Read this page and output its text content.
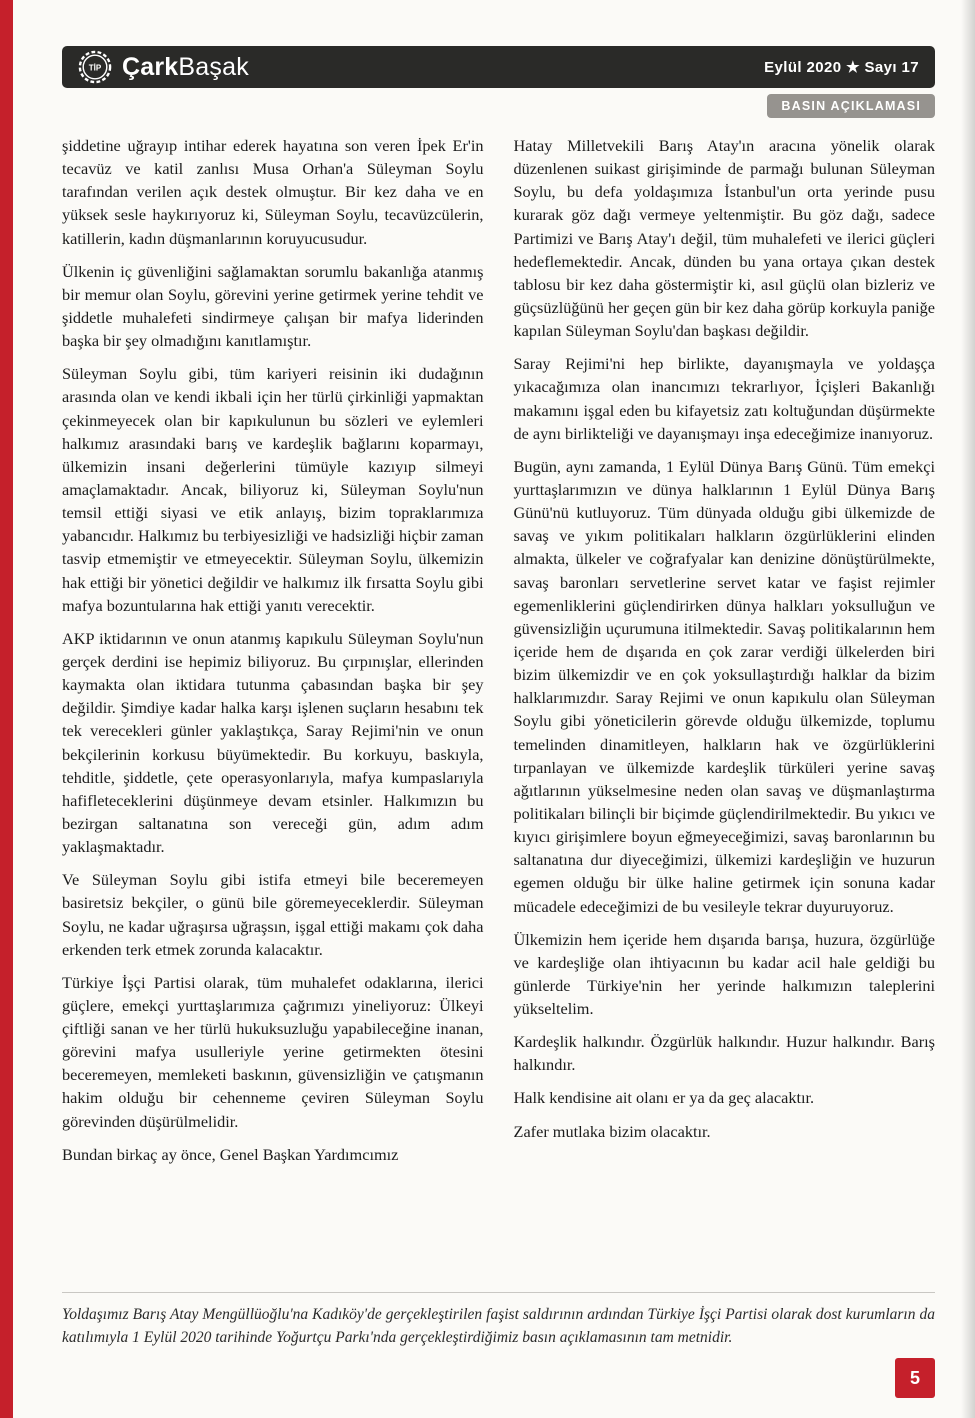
TİP ÇarkBaşak	Eylül 2020 ★ Sayı 17
BASIN AÇIKLAMASI

şiddetine uğrayıp intihar ederek hayatına son veren İpek Er'in tecavüz ve katil zanlısı Musa Orhan'a Süleyman Soylu tarafından verilen açık destek olmuştur. Bir kez daha ve en yüksek sesle haykırıyoruz ki, Süleyman Soylu, tecavüzcülerin, katillerin, kadın düşmanlarının koruyucusudur.

Ülkenin iç güvenliğini sağlamaktan sorumlu bakanlığa atanmış bir memur olan Soylu, görevini yerine getirmek yerine tehdit ve şiddetle muhalefeti sindirmeye çalışan bir mafya liderinden başka bir şey olmadığını kanıtlamıştır.

Süleyman Soylu gibi, tüm kariyeri reisinin iki dudağının arasında olan ve kendi ikbali için her türlü çirkinliği yapmaktan çekinmeyecek olan bir kapıkulunun bu sözleri ve eylemleri halkımız arasındaki barış ve kardeşlik bağlarını koparmayı, ülkemizin insani değerlerini tümüyle kazıyıp silmeyi amaçlamaktadır. Ancak, biliyoruz ki, Süleyman Soylu'nun temsil ettiği siyasi ve etik anlayış, bizim topraklarımıza yabancıdır. Halkımız bu terbiyesizliği ve hadsizliği hiçbir zaman tasvip etmemiştir ve etmeyecektir. Süleyman Soylu, ülkemizin hak ettiği bir yönetici değildir ve halkımız ilk fırsatta Soylu gibi mafya bozuntularına hak ettiği yanıtı verecektir.

AKP iktidarının ve onun atanmış kapıkulu Süleyman Soylu'nun gerçek derdini ise hepimiz biliyoruz. Bu çırpınışlar, ellerinden kaymakta olan iktidara tutunma çabasından başka bir şey değildir. Şimdiye kadar halka karşı işlenen suçların hesabını tek tek verecekleri günler yaklaştıkça, Saray Rejimi'nin ve onun bekçilerinin korkusu büyümektedir. Bu korkuyu, baskıyla, tehditle, şiddetle, çete operasyonlarıyla, mafya kumpaslarıyla hafifleteceklerini düşünmeye devam etsinler. Halkımızın bu bezirgan saltanatına son vereceği gün, adım adım yaklaşmaktadır.

Ve Süleyman Soylu gibi istifa etmeyi bile beceremeyen basiretsiz bekçiler, o günü bile göremeyeceklerdir. Süleyman Soylu, ne kadar uğraşırsa uğraşsın, işgal ettiği makamı çok daha erkenden terk etmek zorunda kalacaktır.

Türkiye İşçi Partisi olarak, tüm muhalefet odaklarına, ilerici güçlere, emekçi yurttaşlarımıza çağrımızı yineliyoruz: Ülkeyi çiftliği sanan ve her türlü hukuksuzluğu yapabileceğine inanan, görevini mafya usulleriyle yerine getirmekten ötesini beceremeyen, memleketi baskının, güvensizliğin ve çatışmanın hakim olduğu bir cehenneme çeviren Süleyman Soylu görevinden düşürülmelidir.

Bundan birkaç ay önce, Genel Başkan Yardımcımız

Hatay Milletvekili Barış Atay'ın aracına yönelik olarak düzenlenen suikast girişiminde de parmağı bulunan Süleyman Soylu, bu defa yoldaşımıza İstanbul'un orta yerinde pusu kurarak göz dağı vermeye yeltenmiştir. Bu göz dağı, sadece Partimizi ve Barış Atay'ı değil, tüm muhalefeti ve ilerici güçleri hedeflemektedir. Ancak, dünden bu yana ortaya çıkan destek tablosu bir kez daha göstermiştir ki, asıl güçlü olan bizleriz ve güçsüzlüğünü her geçen gün bir kez daha görüp korkuyla paniğe kapılan Süleyman Soylu'dan başkası değildir.

Saray Rejimi'ni hep birlikte, dayanışmayla ve yoldaşça yıkacağımıza olan inancımızı tekrarlıyor, İçişleri Bakanlığı makamını işgal eden bu kifayetsiz zatı koltuğundan düşürmekte de aynı birlikteliği ve dayanışmayı inşa edeceğimize inanıyoruz.

Bugün, aynı zamanda, 1 Eylül Dünya Barış Günü. Tüm emekçi yurttaşlarımızın ve dünya halklarının 1 Eylül Dünya Barış Günü'nü kutluyoruz. Tüm dünyada olduğu gibi ülkemizde de savaş ve yıkım politikaları halkların özgürlüklerini elinden almakta, ülkeler ve coğrafyalar kan denizine dönüştürülmekte, savaş baronları servetlerine servet katar ve faşist rejimler egemenliklerini güçlendirirken dünya halkları yoksulluğun ve güvensizliğin uçurumuna itilmektedir. Savaş politikalarının hem içeride hem de dışarıda en çok zarar verdiği ülkelerden biri bizim ülkemizdir ve en çok yoksullaştırdığı halklar da bizim halklarımızdır. Saray Rejimi ve onun kapıkulu olan Süleyman Soylu gibi yöneticilerin görevde olduğu ülkemizde, toplumu temelinden dinamitleyen, halkların hak ve özgürlüklerini tırpanlayan ve ülkemizde kardeşlik türküleri yerine savaş ağıtlarının yükselmesine neden olan savaş ve düşmanlaştırma politikaları bilinçli bir biçimde güçlendirilmektedir. Bu yıkıcı ve kıyıcı girişimlere boyun eğmeyeceğimizi, savaş baronlarının bu saltanatına dur diyeceğimizi, ülkemizi kardeşliğin ve huzurun egemen olduğu bir ülke haline getirmek için sonuna kadar mücadele edeceğimizi de bu vesileyle tekrar duyuruyoruz.

Ülkemizin hem içeride hem dışarıda barışa, huzura, özgürlüğe ve kardeşliğe olan ihtiyacının bu kadar acil hale geldiği bu günlerde Türkiye'nin her yerinde halkımızın taleplerini yükseltelim.

Kardeşlik halkındır. Özgürlük halkındır. Huzur halkındır. Barış halkındır.

Halk kendisine ait olanı er ya da geç alacaktır.

Zafer mutlaka bizim olacaktır.

Yoldaşımız Barış Atay Mengüllüoğlu'na Kadıköy'de gerçekleştirilen faşist saldırının ardından Türkiye İşçi Partisi olarak dost kurumların da katılımıyla 1 Eylül 2020 tarihinde Yoğurtçu Parkı'nda gerçekleştirdiğimiz basın açıklamasının tam metnidir.
5
